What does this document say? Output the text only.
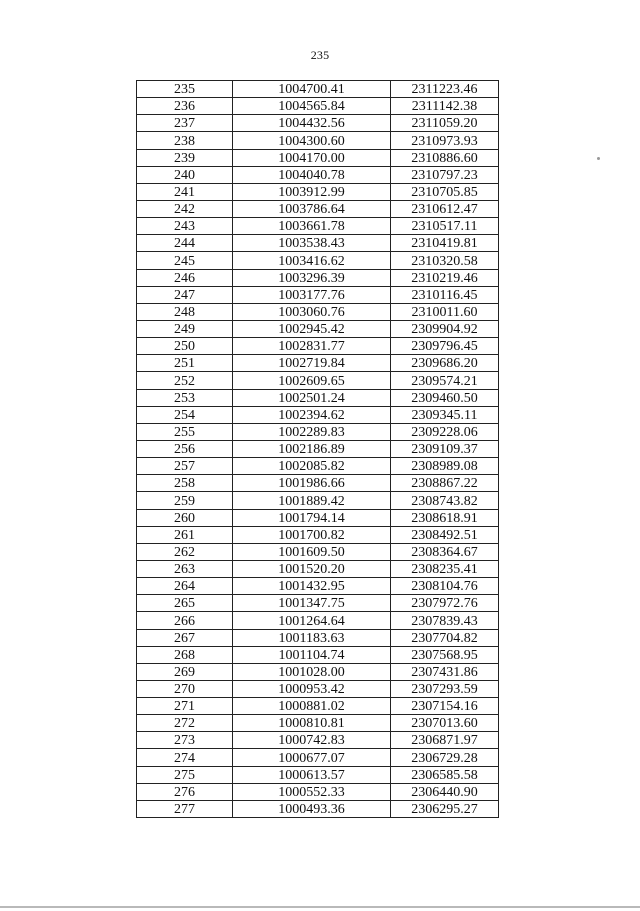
235
235	1004700.41	2311223.46
236	1004565.84	2311142.38
237	1004432.56	2311059.20
238	1004300.60	2310973.93
239	1004170.00	2310886.60
240	1004040.78	2310797.23
241	1003912.99	2310705.85
242	1003786.64	2310612.47
243	1003661.78	2310517.11
244	1003538.43	2310419.81
245	1003416.62	2310320.58
246	1003296.39	2310219.46
247	1003177.76	2310116.45
248	1003060.76	2310011.60
249	1002945.42	2309904.92
250	1002831.77	2309796.45
251	1002719.84	2309686.20
252	1002609.65	2309574.21
253	1002501.24	2309460.50
254	1002394.62	2309345.11
255	1002289.83	2309228.06
256	1002186.89	2309109.37
257	1002085.82	2308989.08
258	1001986.66	2308867.22
259	1001889.42	2308743.82
260	1001794.14	2308618.91
261	1001700.82	2308492.51
262	1001609.50	2308364.67
263	1001520.20	2308235.41
264	1001432.95	2308104.76
265	1001347.75	2307972.76
266	1001264.64	2307839.43
267	1001183.63	2307704.82
268	1001104.74	2307568.95
269	1001028.00	2307431.86
270	1000953.42	2307293.59
271	1000881.02	2307154.16
272	1000810.81	2307013.60
273	1000742.83	2306871.97
274	1000677.07	2306729.28
275	1000613.57	2306585.58
276	1000552.33	2306440.90
277	1000493.36	2306295.27
